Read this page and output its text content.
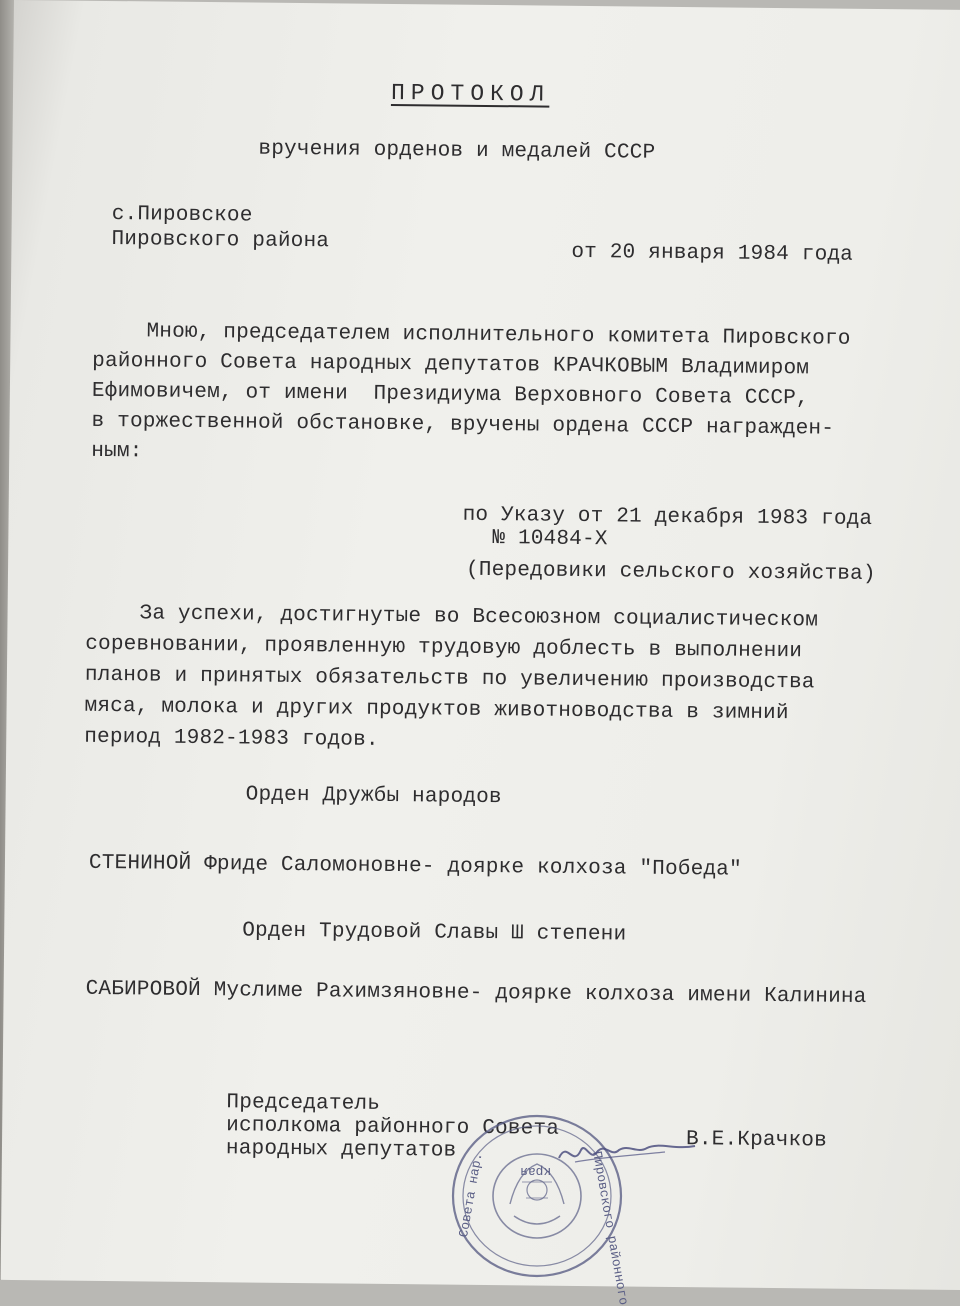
ПРОТОКОЛ
вручения орденов и медалей СССР
с.Пировское
Пировского района
от 20 января 1984 года
Мною, председателем исполнительного комитета Пировского
районного Совета народных депутатов КРАЧКОВЫМ Владимиром
Ефимовичем, от имени  Президиума Верховного Совета СССР,
в торжественной обстановке, вручены ордена СССР награжден-
ным:
по Указу от 21 декабря 1983 года
№ 10484-X
(Передовики сельского хозяйства)
За успехи, достигнутые во Всесоюзном социалистическом
соревновании, проявленную трудовую доблесть в выполнении
планов и принятых обязательств по увеличению производства
мяса, молока и других продуктов животноводства в зимний
период 1982-1983 годов.
Орден Дружбы народов
СТЕНИНОЙ Фриде Саломоновне- доярке колхоза "Победа"
Орден Трудовой Славы Ш степени
САБИРОВОЙ Муслиме Рахимзяновне- доярке колхоза имени Калинина
Председатель
исполкома районного Совета
народных депутатов	В.Е.Крачков
Пировского районного
Совета нар.	края
